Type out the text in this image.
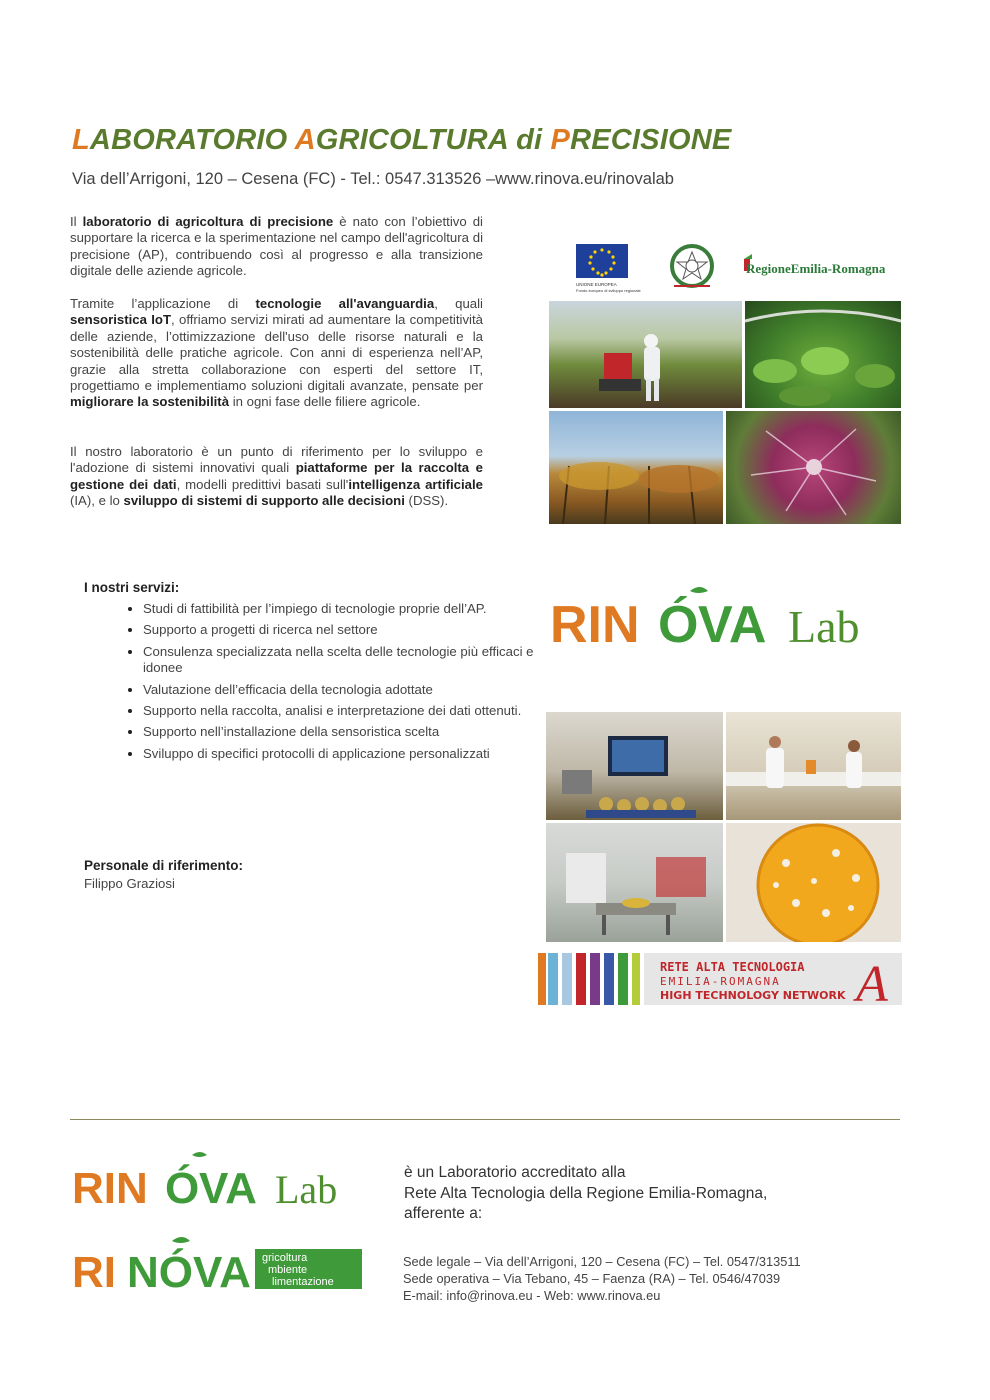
LABORATORIO AGRICOLTURA di PRECISIONE
Via dell’Arrigoni, 120 – Cesena (FC) - Tel.: 0547.313526 –www.rinova.eu/rinovalab

Il laboratorio di agricoltura di precisione è nato con l’obiettivo di supportare la ricerca e la sperimentazione nel campo dell'agricoltura di precisione (AP), contribuendo così al progresso e alla transizione digitale delle aziende agricole.

Tramite l’applicazione di tecnologie all'avanguardia, quali sensoristica IoT, offriamo servizi mirati ad aumentare la competitività delle aziende, l’ottimizzazione dell'uso delle risorse naturali e la sostenibilità delle pratiche agricole. Con anni di esperienza nell’AP, grazie alla stretta collaborazione con esperti del settore IT, progettiamo e implementiamo soluzioni digitali avanzate, pensate per migliorare la sostenibilità in ogni fase delle filiere agricole.

Il nostro laboratorio è un punto di riferimento per lo sviluppo e l'adozione di sistemi innovativi quali piattaforme per la raccolta e gestione dei dati, modelli predittivi basati sull'intelligenza artificiale (IA), e lo sviluppo di sistemi di supporto alle decisioni (DSS).

I nostri servizi:
• Studi di fattibilità per l’impiego di tecnologie proprie dell’AP.
• Supporto a progetti di ricerca nel settore
• Consulenza specializzata nella scelta delle tecnologie più efficaci e idonee
• Valutazione dell’efficacia della tecnologia adottate
• Supporto nella raccolta, analisi e interpretazione dei dati ottenuti.
• Supporto nell’installazione della sensoristica scelta
• Sviluppo di specifici protocolli di applicazione personalizzati
Personale di riferimento:
Filippo Graziosi
UNIONE EUROPEA
Fondo europeo di sviluppo regionale
RegioneEmilia-Romagna
RIN Ó VA Lab
RETE ALTA TECNOLOGIA
EMILIA-ROMAGNA
HIGH TECHNOLOGY NETWORK A
RIN Ó VA Lab
RI NÓVA gricoltura
mbiente
limentazione
è un Laboratorio accreditato alla
Rete Alta Tecnologia della Regione Emilia-Romagna,
afferente a:
Sede legale – Via dell’Arrigoni, 120 – Cesena (FC) – Tel. 0547/313511
Sede operativa – Via Tebano, 45 – Faenza (RA) – Tel. 0546/47039
E-mail: info@rinova.eu - Web: www.rinova.eu
